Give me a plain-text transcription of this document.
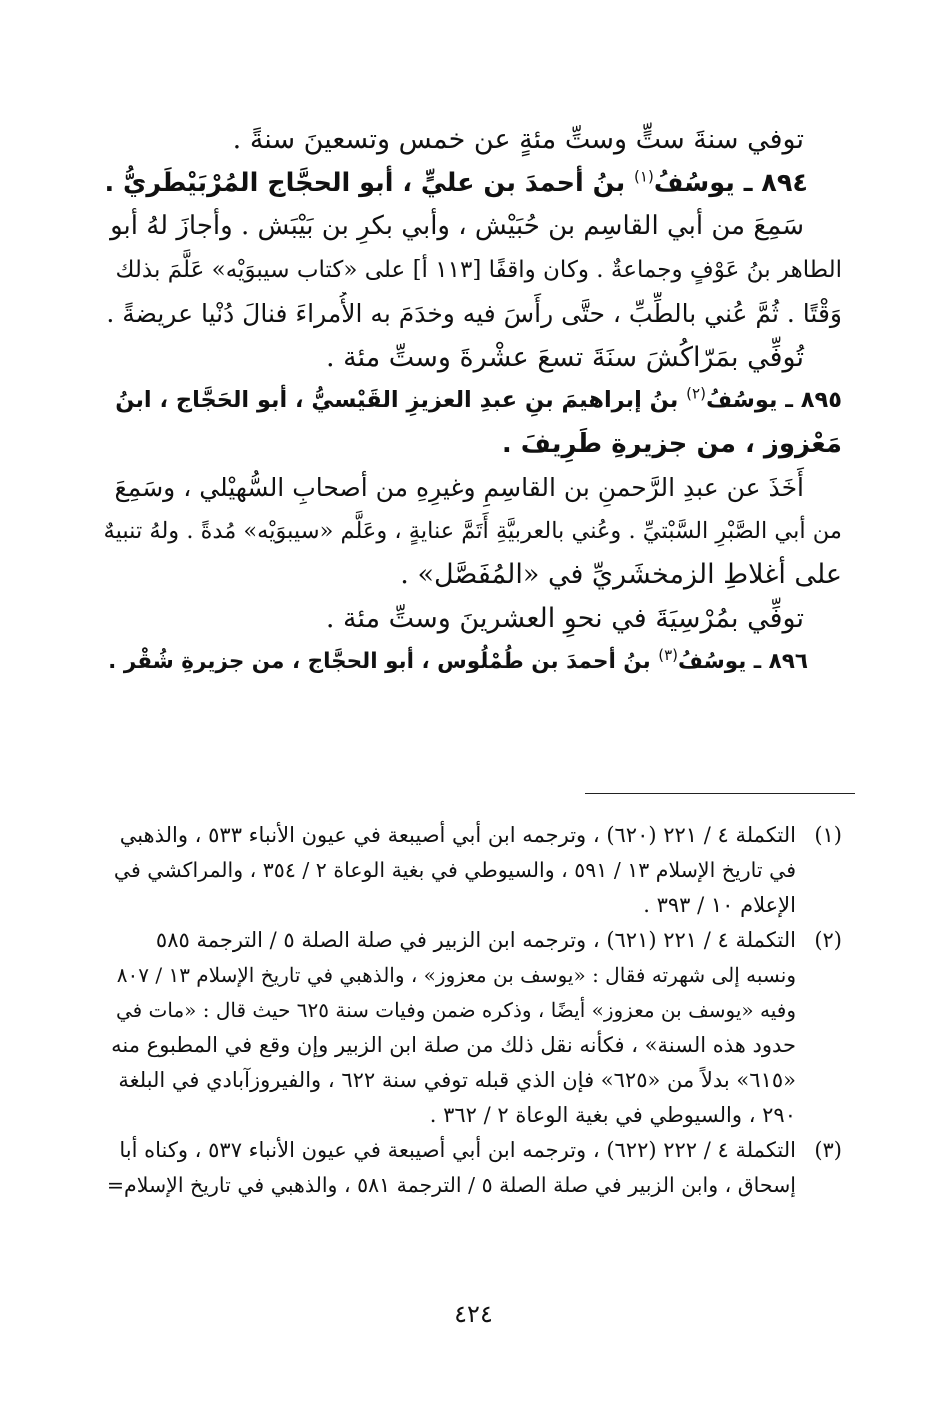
توفي سنةَ ستٍّ وستِّ مئةٍ عن خمس وتسعينَ سنةً .
٨٩٤ ـ يوسُفُ$^{(١)}$ بنُ أحمدَ بن عليٍّ ، أبو الحجَّاج المُرْبَيْطَريُّ .
سَمِعَ من أبي القاسِم بن حُبَيْش ، وأبي بكرِ بن بَيْبَش . وأجازَ لهُ أبو
الطاهر بنُ عَوْفٍ وجماعةٌ . وكان واقفًا [١١٣ أ] على «كتاب سيبوَيْه» عَلَّمَ بذلك
وَقْتًا . ثُمَّ عُني بالطِّبِّ ، حتَّى رأَسَ فيه وخدَمَ به الأُمراءَ فنالَ دُنْيا عريضةً .
تُوفِّي بمَرّاكُشَ سنَةَ تسعَ عشْرةَ وستِّ مئة .
٨٩٥ ـ يوسُفُ$^{(٢)}$ بنُ إبراهيمَ بنِ عبدِ العزيزِ القَيْسيُّ ، أبو الحَجَّاج ، ابنُ
مَعْزوز ، من جزيرةِ طَرِيفَ .
أَخَذَ عن عبدِ الرَّحمنِ بن القاسِمِ وغيرِهِ من أصحابِ السُّهيْلي ، وسَمِعَ
من أبي الصَّبْرِ السَّبْتيِّ . وعُني بالعربيَّةِ أَتَمَّ عنايةٍ ، وعَلَّم «سيبوَيْه» مُدةً . ولهُ تنبيهٌ
على أغلاطِ الزمخشَريِّ في «المُفَصَّل» .
توفِّي بمُرْسِيَةَ في نحوِ العشرينَ وستِّ مئة .
٨٩٦ ـ يوسُفُ$^{(٣)}$ بنُ أحمدَ بن طُمْلُوس ، أبو الحجَّاج ، من جزيرةِ شُقْر .
(١)
التكملة ٤ / ٢٢١ (٦٢٠) ، وترجمه ابن أبي أصيبعة في عيون الأنباء ٥٣٣ ، والذهبي
في تاريخ الإسلام ١٣ / ٥٩١ ، والسيوطي في بغية الوعاة ٢ / ٣٥٤ ، والمراكشي في
الإعلام ١٠ / ٣٩٣ .
(٢)
التكملة ٤ / ٢٢١ (٦٢١) ، وترجمه ابن الزبير في صلة الصلة ٥ / الترجمة ٥٨٥
ونسبه إلى شهرته فقال : «يوسف بن معزوز» ، والذهبي في تاريخ الإسلام ١٣ / ٨٠٧
وفيه «يوسف بن معزوز» أيضًا ، وذكره ضمن وفيات سنة ٦٢٥ حيث قال : «مات في
حدود هذه السنة» ، فكأنه نقل ذلك من صلة ابن الزبير وإن وقع في المطبوع منه
«٦١٥» بدلاً من «٦٢٥» فإن الذي قبله توفي سنة ٦٢٢ ، والفيروزآبادي في البلغة
٢٩٠ ، والسيوطي في بغية الوعاة ٢ / ٣٦٢ .
(٣)
التكملة ٤ / ٢٢٢ (٦٢٢) ، وترجمه ابن أبي أصيبعة في عيون الأنباء ٥٣٧ ، وكناه أبا
إسحاق ، وابن الزبير في صلة الصلة ٥ / الترجمة ٥٨١ ، والذهبي في تاريخ الإسلام=
٤٢٤
